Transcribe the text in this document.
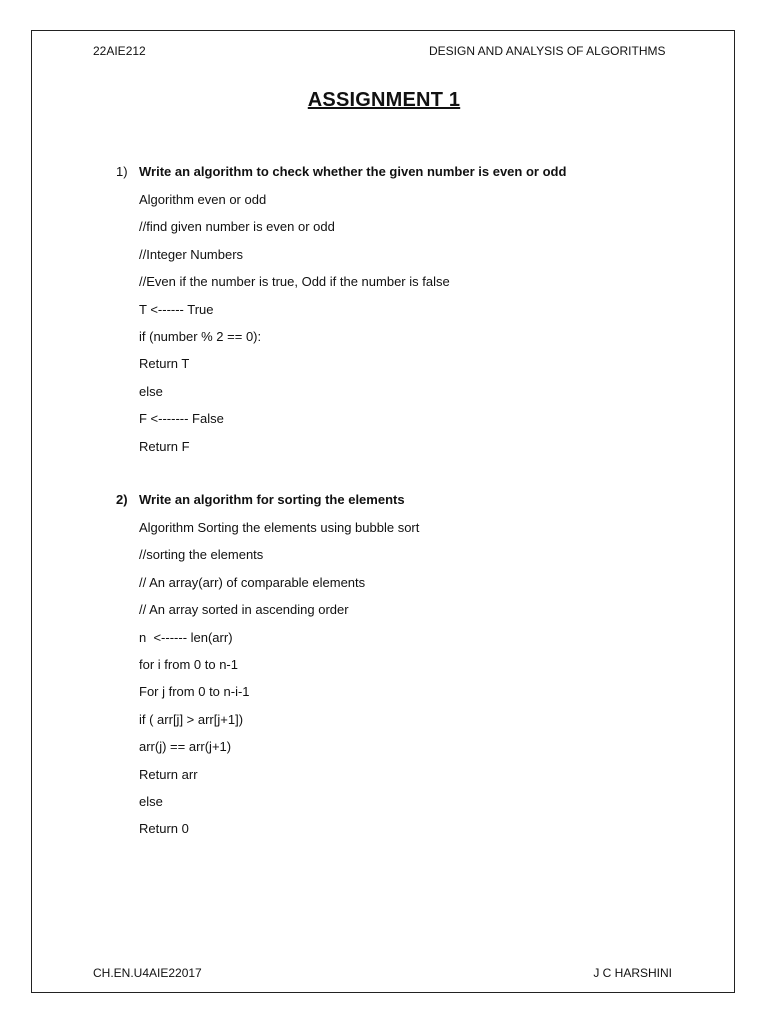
22AIE212	DESIGN AND ANALYSIS OF ALGORITHMS
ASSIGNMENT 1
1) Write an algorithm to check whether the given number is even or odd
Algorithm even or odd
//find given number is even or odd
//Integer Numbers
//Even if the number is true, Odd if the number is false
T <------ True
if (number % 2 == 0):
Return T
else
F <------- False
Return F
2) Write an algorithm for sorting the elements
Algorithm Sorting the elements using bubble sort
//sorting the elements
// An array(arr) of comparable elements
// An array sorted in ascending order
n  <------ len(arr)
for i from 0 to n-1
For j from 0 to n-i-1
if ( arr[j] > arr[j+1])
arr(j) == arr(j+1)
Return arr
else
Return 0
CH.EN.U4AIE22017	J C HARSHINI
